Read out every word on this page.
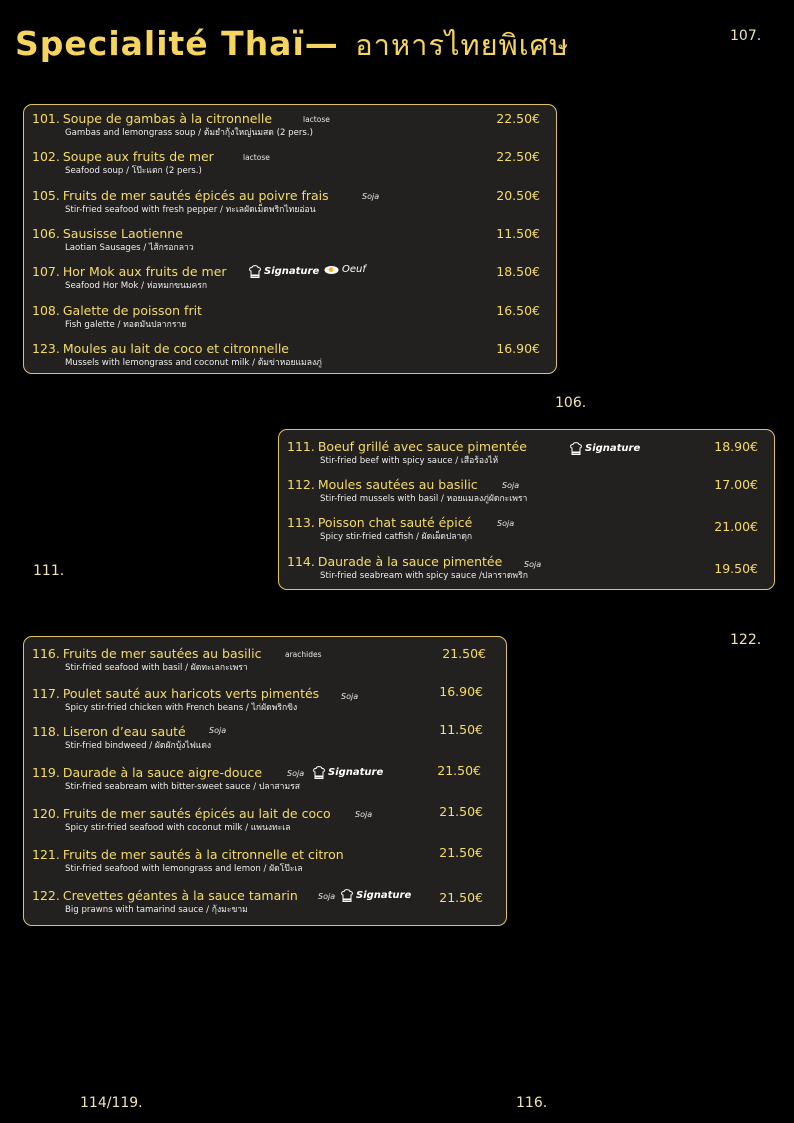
Specialité Thaï— อาหารไทยพิเศษ	107.
106.
111.
122.
114/119.	116.
101. Soupe de gambas à la citronnelle
Gambas and lemongrass soup / ต้มยำกุ้งใหญ่นมสด (2 pers.)
lactose	22.50€
102. Soupe aux fruits de mer
Seafood soup / โป๊ะแตก (2 pers.)
lactose	22.50€
105. Fruits de mer sautés épicés au poivre frais
Stir-fried seafood with fresh pepper / ทะเลผัดเม็ดพริกไทยอ่อน
Soja	20.50€
106. Sausisse Laotienne
Laotian Sausages / ไส้กรอกลาว
11.50€
107. Hor Mok aux fruits de mer
Seafood Hor Mok / ห่อหมกขนมครก
Signature Oeuf	18.50€
108. Galette de poisson frit
Fish galette / ทอดมันปลากราย
16.50€
123. Moules au lait de coco et citronnelle
Mussels with lemongrass and coconut milk / ต้มข่าหอยแมลงภู่
16.90€
111. Boeuf grillé avec sauce pimentée
Stir-fried beef with spicy sauce / เสือร้องไห้
Signature	18.90€
112. Moules sautées au basilic
Stir-fried mussels with basil / หอยแมลงภู่ผัดกะเพรา
Soja	17.00€
113. Poisson chat sauté épicé
Spicy stir-fried catfish / ผัดเผ็ดปลาดุก
Soja	21.00€
114. Daurade à la sauce pimentée
Stir-fried seabream with spicy sauce /ปลาราดพริก
Soja	19.50€
116. Fruits de mer sautées au basilic
Stir-fried seafood with basil / ผัดทะเลกะเพรา
arachides	21.50€
117. Poulet sauté aux haricots verts pimentés
Spicy stir-fried chicken with French beans / ไก่ผัดพริกขิง
Soja	16.90€
118. Liseron d’eau sauté
Stir-fried bindweed / ผัดผักบุ้งไฟแดง
Soja	11.50€
119. Daurade à la sauce aigre-douce
Stir-fried seabream with bitter-sweet sauce / ปลาสามรส
Soja Signature	21.50€
120. Fruits de mer sautés épicés au lait de coco
Spicy stir-fried seafood with coconut milk / แพนงทะเล
Soja	21.50€
121. Fruits de mer sautés à la citronnelle et citron
Stir-fried seafood with lemongrass and lemon / ผัดโป๊ะเล
21.50€
122. Crevettes géantes à la sauce tamarin
Big prawns with tamarind sauce / กุ้งมะขาม
Soja Signature 21.50€
